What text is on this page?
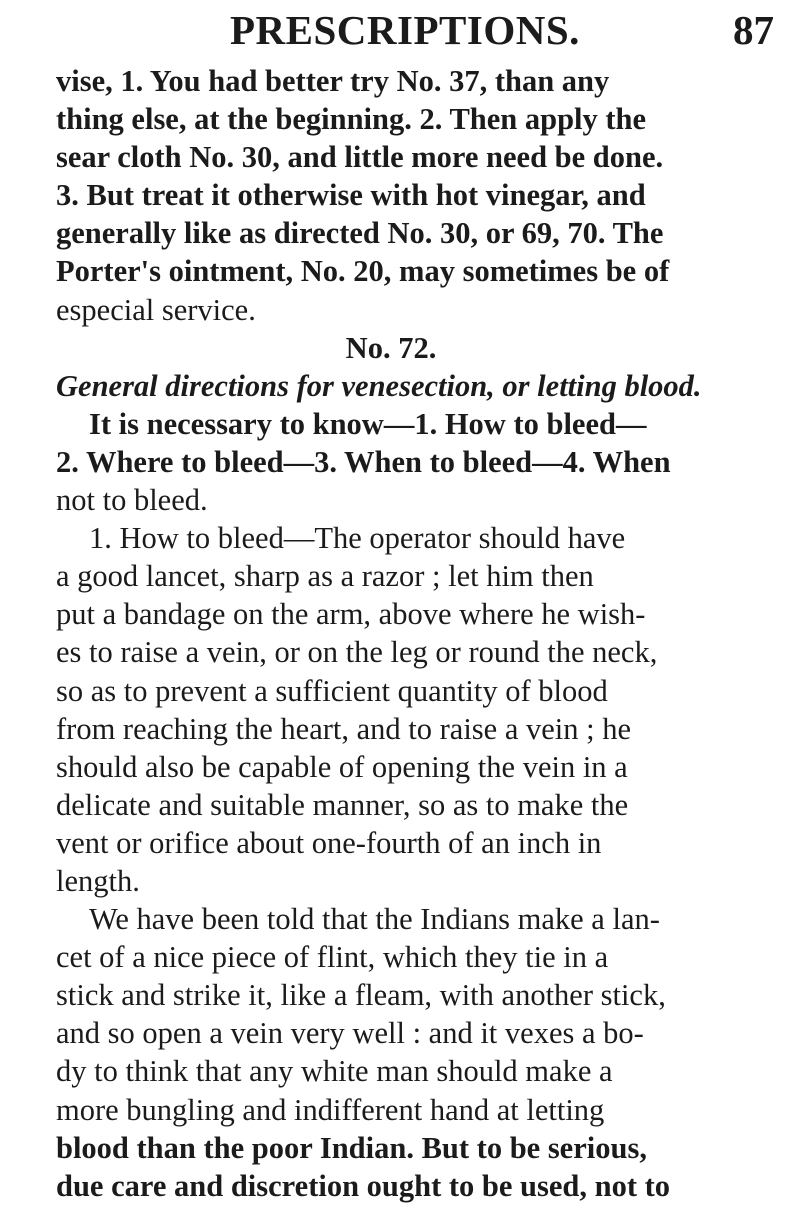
PRESCRIPTIONS.	87
vise, 1. You had better try No. 37, than any
thing else, at the beginning. 2. Then apply the
sear cloth No. 30, and little more need be done.
3. But treat it otherwise with hot vinegar, and
generally like as directed No. 30, or 69, 70. The
Porter's ointment, No. 20, may sometimes be of
especial service.
No. 72.
General directions for venesection, or letting blood.
It is necessary to know—1. How to bleed—
2. Where to bleed—3. When to bleed—4. When
not to bleed.
1. How to bleed—The operator should have
a good lancet, sharp as a razor ; let him then
put a bandage on the arm, above where he wish-
es to raise a vein, or on the leg or round the neck,
so as to prevent a sufficient quantity of blood
from reaching the heart, and to raise a vein ; he
should also be capable of opening the vein in a
delicate and suitable manner, so as to make the
vent or orifice about one-fourth of an inch in
length.
We have been told that the Indians make a lan-
cet of a nice piece of flint, which they tie in a
stick and strike it, like a fleam, with another stick,
and so open a vein very well : and it vexes a bo-
dy to think that any white man should make a
more bungling and indifferent hand at letting
blood than the poor Indian. But to be serious,
due care and discretion ought to be used, not to
